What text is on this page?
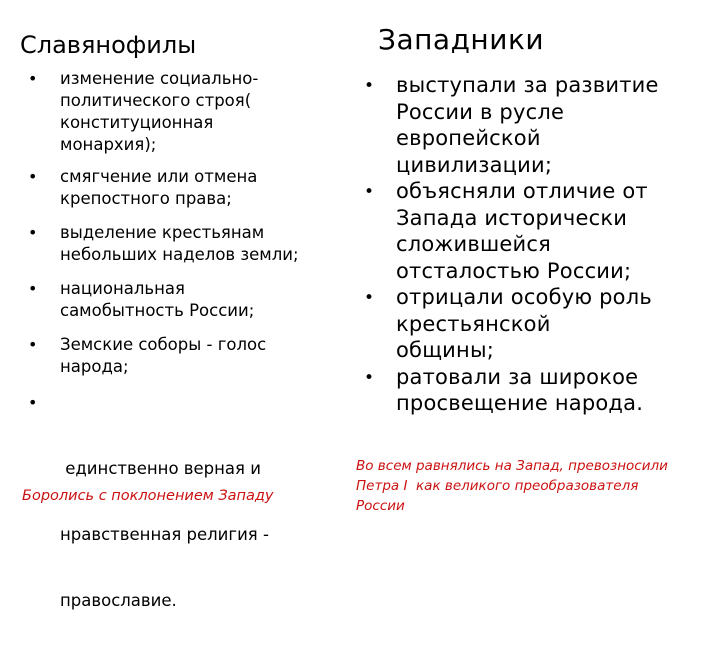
Славянофилы	Западники
• изменение социально-
политического строя(
конституционная
монархия);
• смягчение или отмена
крепостного права;
• выделение крестьянам
небольших наделов земли;
• национальная
самобытность России;
• Земские соборы - голос
народа;

•

единственно верная и

нравственная религия -

православие.

• выступали за развитие
России в русле
европейской
цивилизации;
• объясняли отличие от
Запада исторически
сложившейся
отсталостью России;
• отрицали особую роль
крестьянской
общины;
• ратовали за широкое
просвещение народа.
Боролись с поклонением Западу
Во всем равнялись на Запад, превозносили
Петра I  как великого преобразователя
России
